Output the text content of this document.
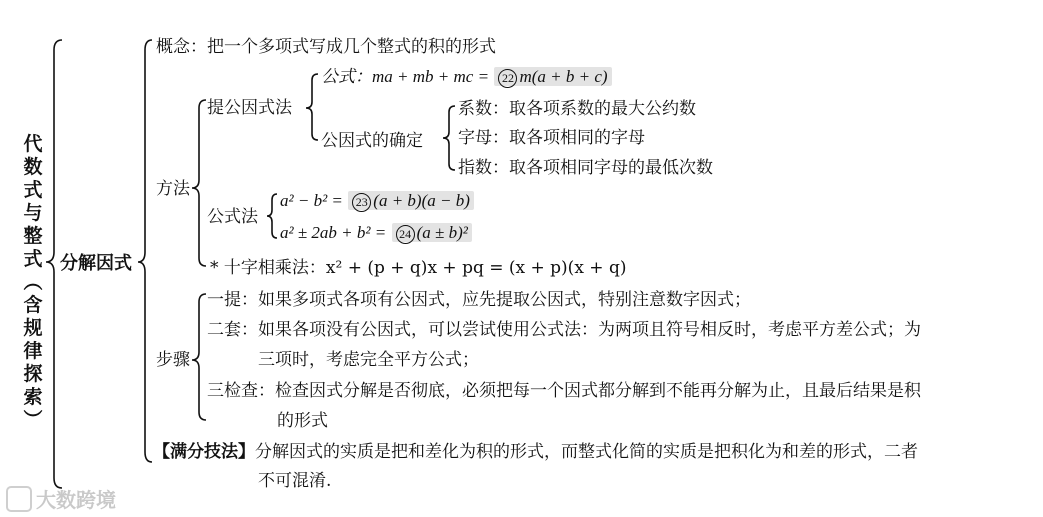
代
数
式
与
整
式
︵
含
规
律
探
索
︶
分解因式
概念：把一个多项式写成几个整式的积的形式
方法
提公因式法
公式：ma + mb + mc = 22 m(a + b + c)
公因式的确定
系数：取各项系数的最大公约数
字母：取各项相同的字母
指数：取各项相同字母的最低次数
公式法
a² − b² = 23 (a + b)(a − b)
a² ± 2ab + b² = 24 (a ± b)²
* 十字相乘法：x² + (p + q)x + pq = (x + p)(x + q)
步骤
一提：如果多项式各项有公因式，应先提取公因式，特别注意数字因式；
二套：如果各项没有公因式，可以尝试使用公式法：为两项且符号相反时，考虑平方差公式；为
三项时，考虑完全平方公式；
三检查：检查因式分解是否彻底，必须把每一个因式都分解到不能再分解为止，且最后结果是积
的形式
【满分技法】分解因式的实质是把和差化为积的形式，而整式化简的实质是把积化为和差的形式，二者
不可混淆.
大数跨境
